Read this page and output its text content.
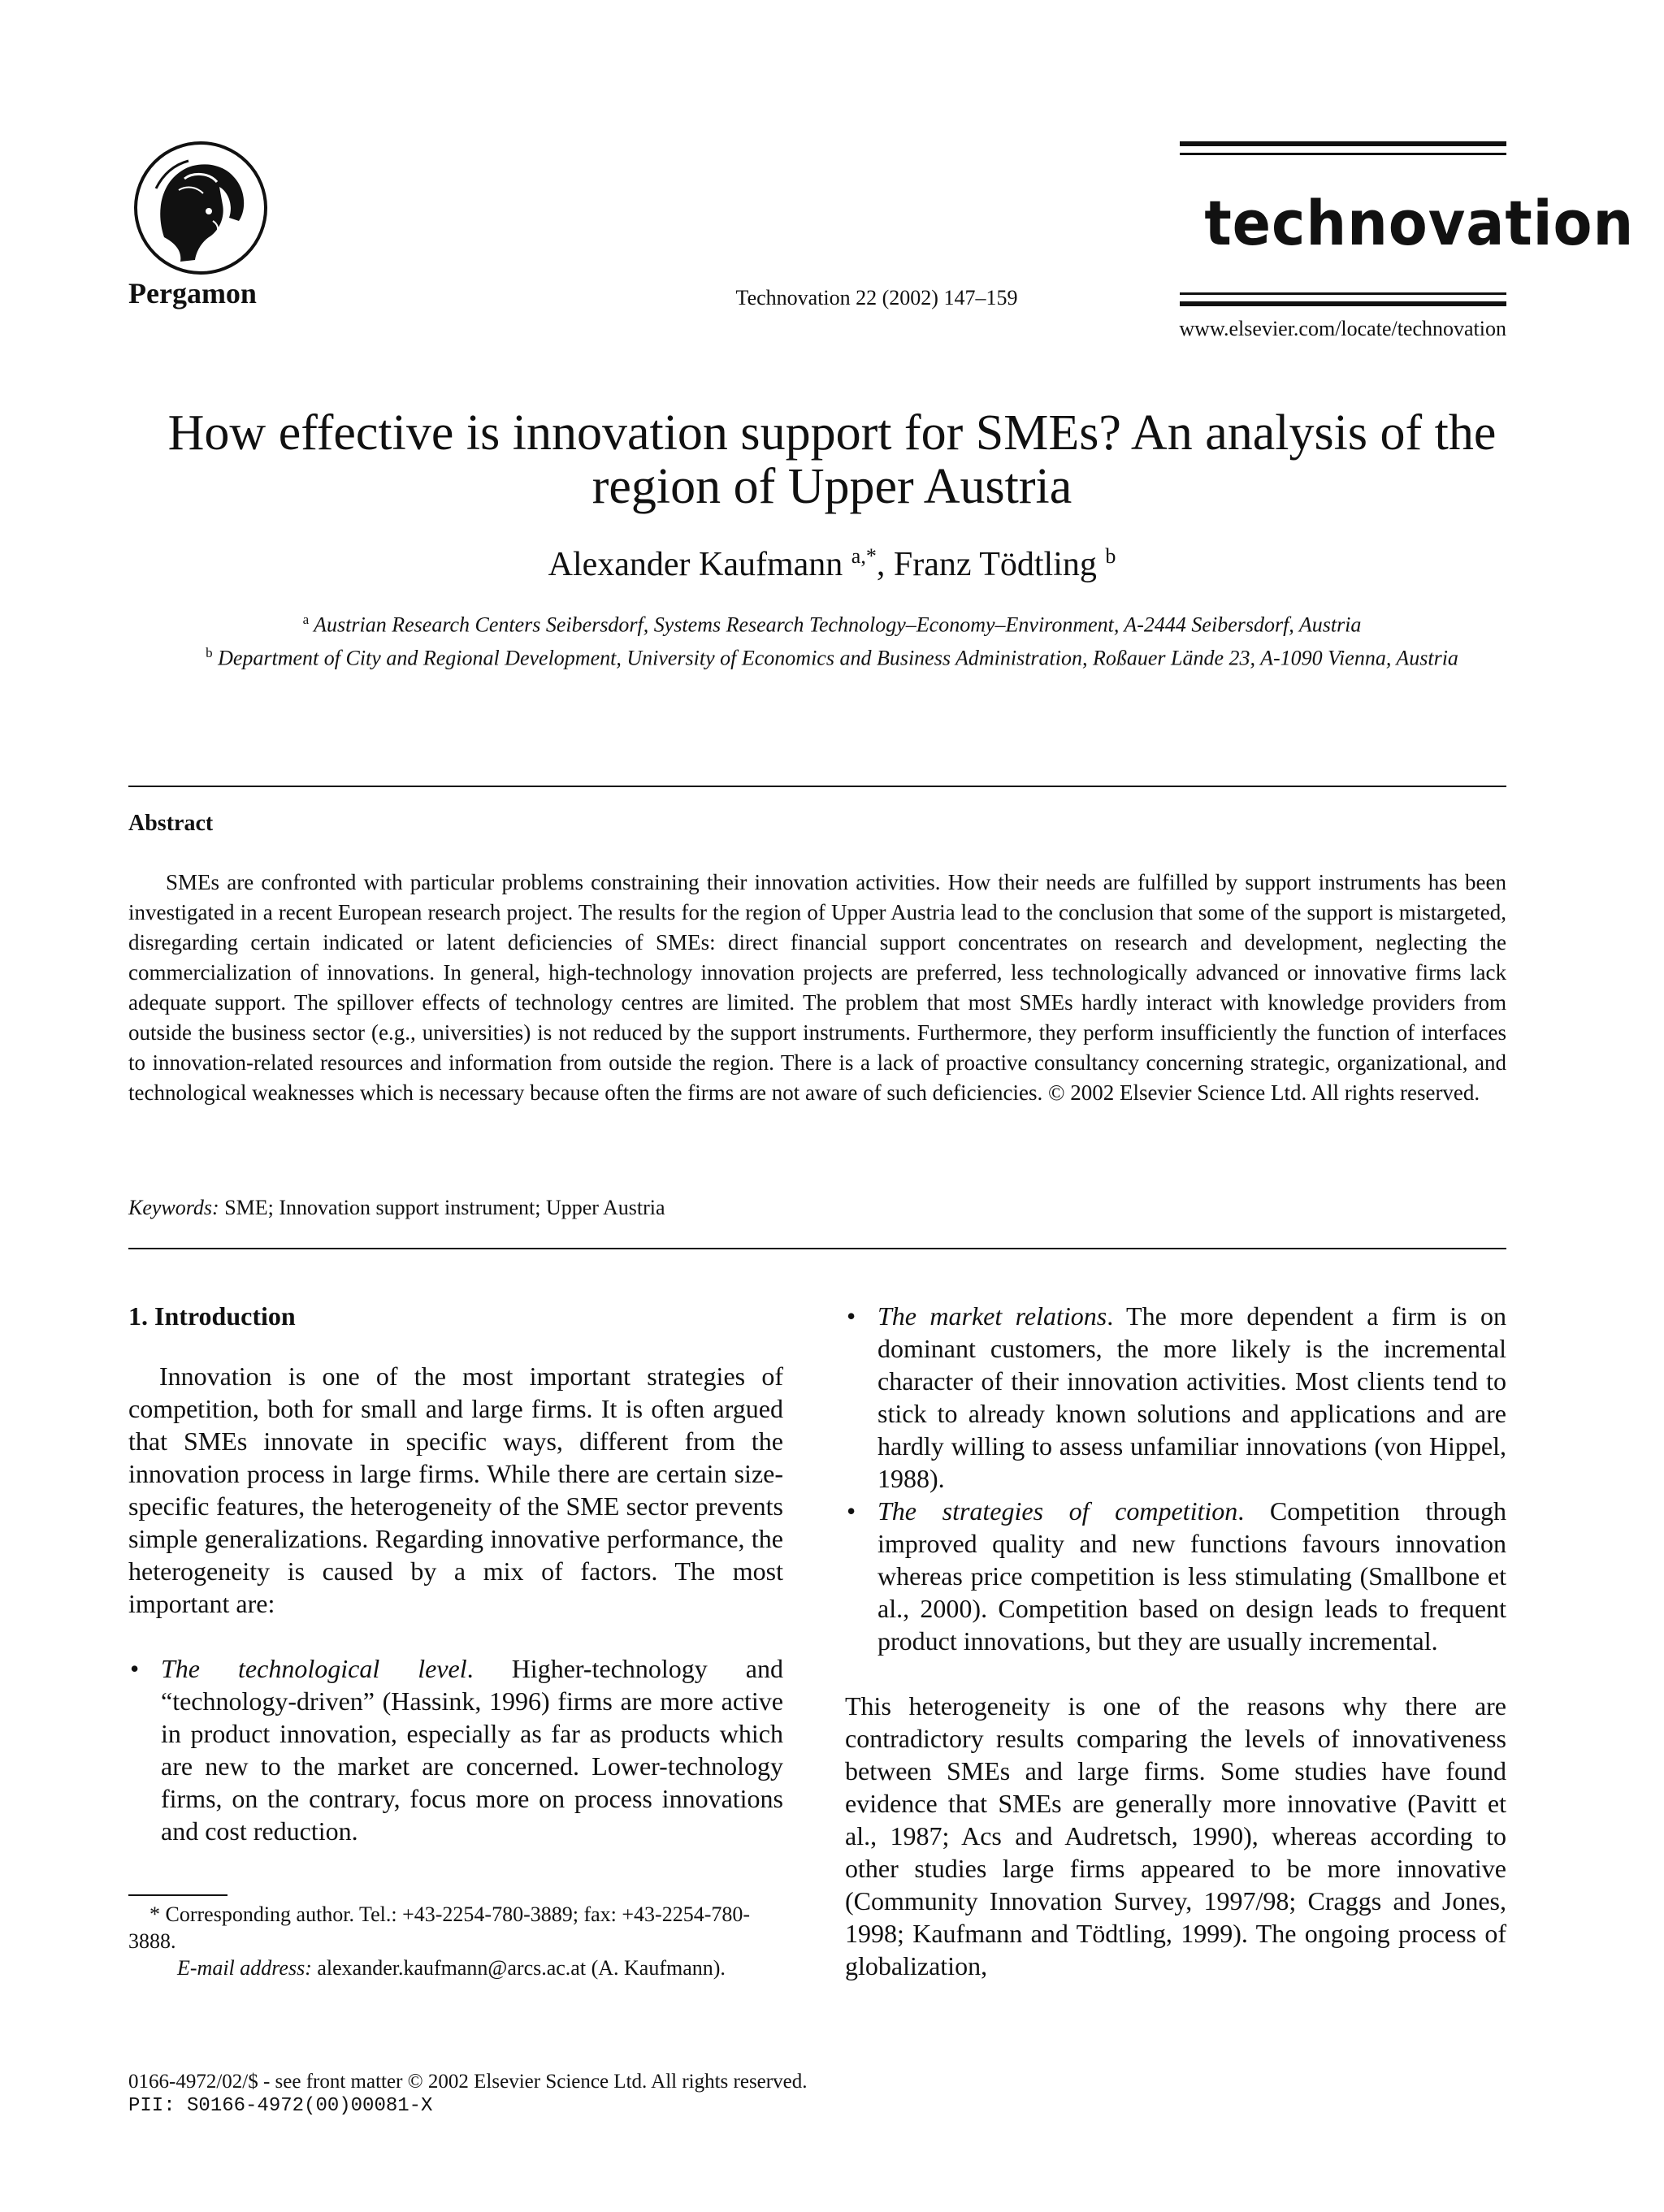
Pergamon	Technovation 22 (2002) 147–159
technovation
www.elsevier.com/locate/technovation
How effective is innovation support for SMEs? An analysis of the region of Upper Austria
Alexander Kaufmann $^{a,*}$, Franz Tödtling $^b$
$^a$ Austrian Research Centers Seibersdorf, Systems Research Technology–Economy–Environment, A-2444 Seibersdorf, Austria
$^b$ Department of City and Regional Development, University of Economics and Business Administration, Roßauer Lände 23, A-1090 Vienna, Austria
Abstract
SMEs are confronted with particular problems constraining their innovation activities. How their needs are fulfilled by support instruments has been investigated in a recent European research project. The results for the region of Upper Austria lead to the conclusion that some of the support is mistargeted, disregarding certain indicated or latent deficiencies of SMEs: direct financial support concentrates on research and development, neglecting the commercialization of innovations. In general, high-technology innovation projects are preferred, less technologically advanced or innovative firms lack adequate support. The spillover effects of technology centres are limited. The problem that most SMEs hardly interact with knowledge providers from outside the business sector (e.g., universities) is not reduced by the support instruments. Furthermore, they perform insufficiently the function of interfaces to innovation-related resources and information from outside the region. There is a lack of proactive consultancy concerning strategic, organizational, and technological weaknesses which is necessary because often the firms are not aware of such deficiencies. © 2002 Elsevier Science Ltd. All rights reserved.
Keywords: SME; Innovation support instrument; Upper Austria
1. Introduction

Innovation is one of the most important strategies of competition, both for small and large firms. It is often argued that SMEs innovate in specific ways, different from the innovation process in large firms. While there are certain size-specific features, the heterogeneity of the SME sector prevents simple generalizations. Regarding innovative performance, the heterogeneity is caused by a mix of factors. The most important are:

• The technological level. Higher-technology and “technology-driven” (Hassink, 1996) firms are more active in product innovation, especially as far as products which are new to the market are concerned. Lower-technology firms, on the contrary, focus more on process innovations and cost reduction.

* Corresponding author. Tel.: +43-2254-780-3889; fax: +43-2254-780-3888.

E-mail address: alexander.kaufmann@arcs.ac.at (A. Kaufmann).

• The market relations. The more dependent a firm is on dominant customers, the more likely is the incremental character of their innovation activities. Most clients tend to stick to already known solutions and applications and are hardly willing to assess unfamiliar innovations (von Hippel, 1988).
• The strategies of competition. Competition through improved quality and new functions favours innovation whereas price competition is less stimulating (Smallbone et al., 2000). Competition based on design leads to frequent product innovations, but they are usually incremental.

This heterogeneity is one of the reasons why there are contradictory results comparing the levels of innovativeness between SMEs and large firms. Some studies have found evidence that SMEs are generally more innovative (Pavitt et al., 1987; Acs and Audretsch, 1990), whereas according to other studies large firms appeared to be more innovative (Community Innovation Survey, 1997/98; Craggs and Jones, 1998; Kaufmann and Tödtling, 1999). The ongoing process of globalization,

0166-4972/02/$ - see front matter © 2002 Elsevier Science Ltd. All rights reserved.
PII: S0166-4972(00)00081-X
